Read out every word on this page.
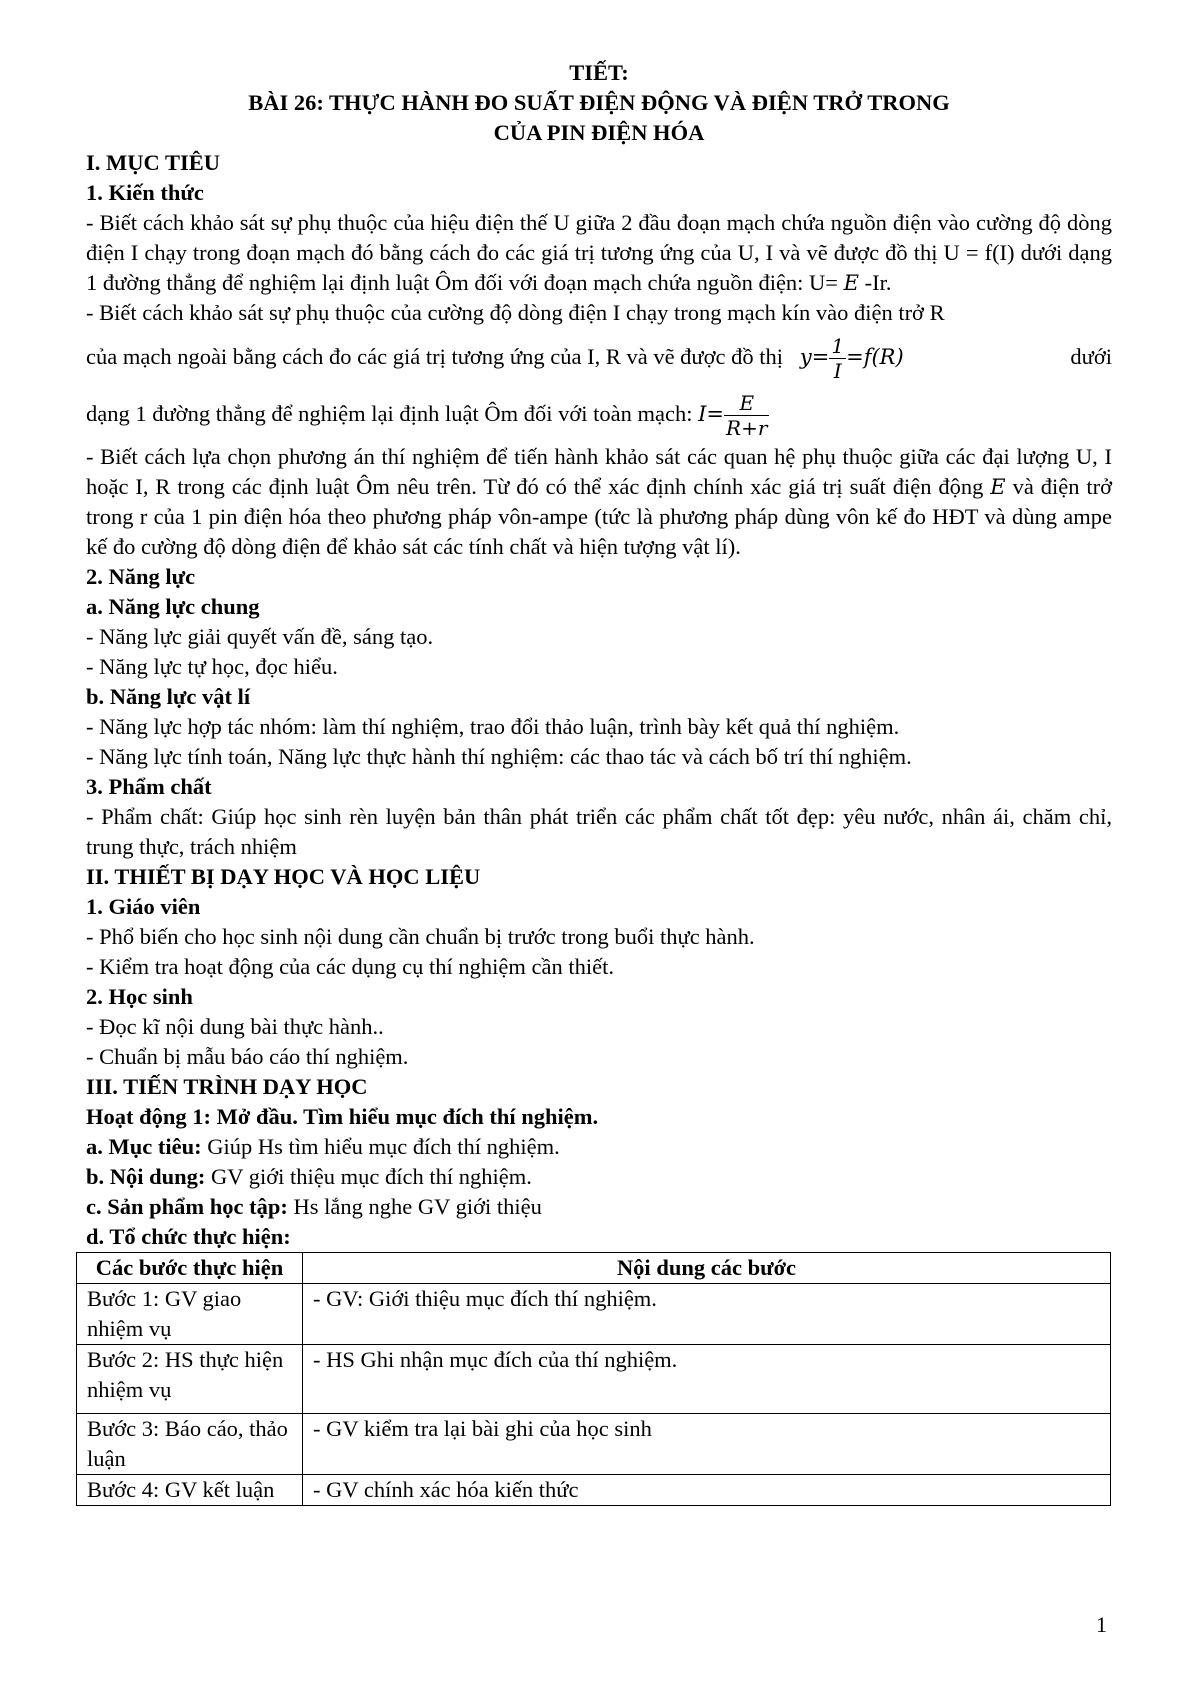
TIẾT:
BÀI 26: THỰC HÀNH ĐO SUẤT ĐIỆN ĐỘNG VÀ ĐIỆN TRỞ TRONG
CỦA PIN ĐIỆN HÓA
I. MỤC TIÊU
1. Kiến thức
- Biết cách khảo sát sự phụ thuộc của hiệu điện thế U giữa 2 đầu đoạn mạch chứa nguồn điện vào cường độ dòng điện I chạy trong đoạn mạch đó bằng cách đo các giá trị tương ứng của U, I và vẽ được đồ thị U = f(I) dưới dạng 1 đường thẳng để nghiệm lại định luật Ôm đối với đoạn mạch chứa nguồn điện: U= E -Ir.
- Biết cách khảo sát sự phụ thuộc của cường độ dòng điện I chạy trong mạch kín vào điện trở R
của mạch ngoài bằng cách đo các giá trị tương ứng của I, R và vẽ được đồ thị $y= \frac{1}{I} =f(R)$	dưới
dạng 1 đường thẳng để nghiệm lại định luật Ôm đối với toàn mạch: $I= \frac{E}{R+r}$
- Biết cách lựa chọn phương án thí nghiệm để tiến hành khảo sát các quan hệ phụ thuộc giữa các đại lượng U, I hoặc I, R trong các định luật Ôm nêu trên. Từ đó có thể xác định chính xác giá trị suất điện động E và điện trở trong r của 1 pin điện hóa theo phương pháp vôn-ampe (tức là phương pháp dùng vôn kế đo HĐT và dùng ampe kế đo cường độ dòng điện để khảo sát các tính chất và hiện tượng vật lí).
2. Năng lực
a. Năng lực chung
- Năng lực giải quyết vấn đề, sáng tạo.
- Năng lực tự học, đọc hiểu.
b. Năng lực vật lí
- Năng lực hợp tác nhóm: làm thí nghiệm, trao đổi thảo luận, trình bày kết quả thí nghiệm.
- Năng lực tính toán, Năng lực thực hành thí nghiệm: các thao tác và cách bố trí thí nghiệm.
3. Phẩm chất
- Phẩm chất: Giúp học sinh rèn luyện bản thân phát triển các phẩm chất tốt đẹp: yêu nước, nhân ái, chăm chỉ, trung thực, trách nhiệm
II. THIẾT BỊ DẠY HỌC VÀ HỌC LIỆU
1. Giáo viên
- Phổ biến cho học sinh nội dung cần chuẩn bị trước trong buổi thực hành.
- Kiểm tra hoạt động của các dụng cụ thí nghiệm cần thiết.
2. Học sinh
- Đọc kĩ nội dung bài thực hành..
- Chuẩn bị mẫu báo cáo thí nghiệm.
III. TIẾN TRÌNH DẠY HỌC
Hoạt động 1: Mở đầu. Tìm hiểu mục đích thí nghiệm.
a. Mục tiêu: Giúp Hs tìm hiểu mục đích thí nghiệm.
b. Nội dung: GV giới thiệu mục đích thí nghiệm.
c. Sản phẩm học tập: Hs lắng nghe GV giới thiệu
d. Tổ chức thực hiện:
Các bước thực hiện	Nội dung các bước
Bước 1: GV giao nhiệm vụ	- GV: Giới thiệu mục đích thí nghiệm.
Bước 2: HS thực hiện nhiệm vụ	- HS Ghi nhận mục đích của thí nghiệm.
Bước 3: Báo cáo, thảo luận	- GV kiểm tra lại bài ghi của học sinh
Bước 4: GV kết luận	- GV chính xác hóa kiến thức
1
